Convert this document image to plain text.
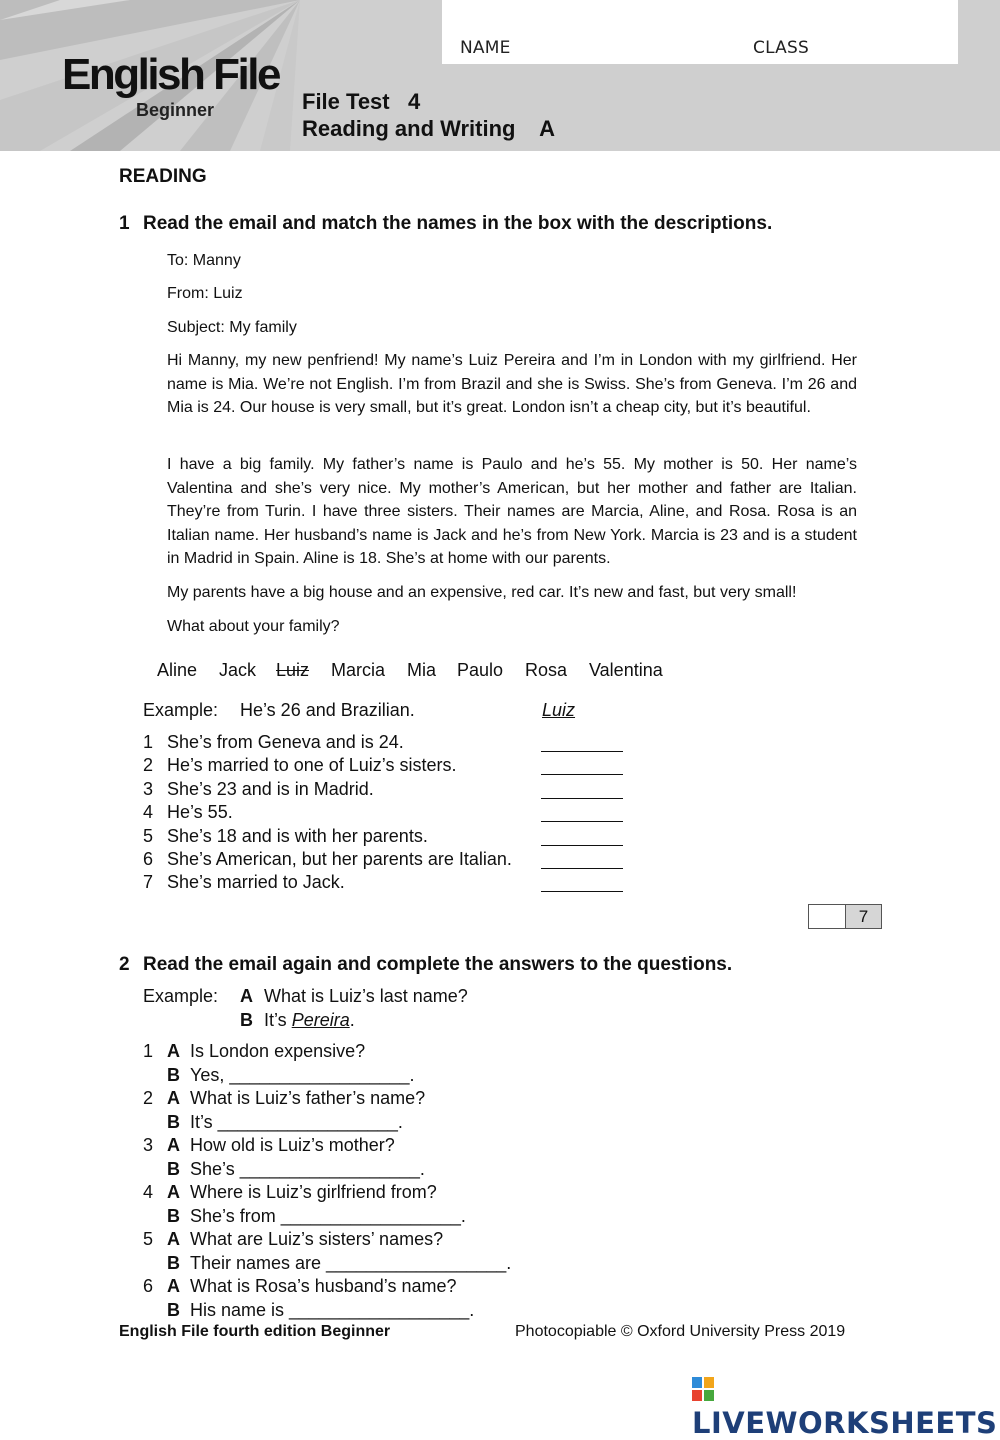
NAME	CLASS
English File
Beginner	File Test   4
Reading and Writing    A
READING
1 Read the email and match the names in the box with the descriptions.
To: Manny
From: Luiz
Subject: My family
Hi Manny, my new penfriend! My name’s Luiz Pereira and I’m in London with my girlfriend. Her name is Mia. We’re not English. I’m from Brazil and she is Swiss. She’s from Geneva. I’m 26 and Mia is 24. Our house is very small, but it’s great. London isn’t a cheap city, but it’s beautiful.
I have a big family. My father’s name is Paulo and he’s 55. My mother is 50. Her name’s Valentina and she’s very nice. My mother’s American, but her mother and father are Italian. They’re from Turin. I have three sisters. Their names are Marcia, Aline, and Rosa. Rosa is an Italian name. Her husband’s name is Jack and he’s from New York. Marcia is 23 and is a student in Madrid in Spain. Aline is 18. She’s at home with our parents.
My parents have a big house and an expensive, red car. It’s new and fast, but very small!
What about your family?
Aline Jack Luiz Marcia Mia Paulo Rosa Valentina
Example: He’s 26 and Brazilian.	Luiz
1 She’s from Geneva and is 24.
2 He’s married to one of Luiz’s sisters.
3 She’s 23 and is in Madrid.
4 He’s 55.
5 She’s 18 and is with her parents.
6 She’s American, but her parents are Italian.
7 She’s married to Jack.
7
2 Read the email again and complete the answers to the questions.
Example: A What is Luiz’s last name?
B It’s Pereira.
1 A Is London expensive?
B Yes, __________________.
2 A What is Luiz’s father’s name?
B It’s __________________.
3 A How old is Luiz’s mother?
B She’s __________________.
4 A Where is Luiz’s girlfriend from?
B She’s from __________________.
5 A What are Luiz’s sisters’ names?
B Their names are __________________.
6 A What is Rosa’s husband’s name?
B His name is __________________.
English File fourth edition Beginner	Photocopiable © Oxford University Press 2019
LIVEWORKSHEETS
